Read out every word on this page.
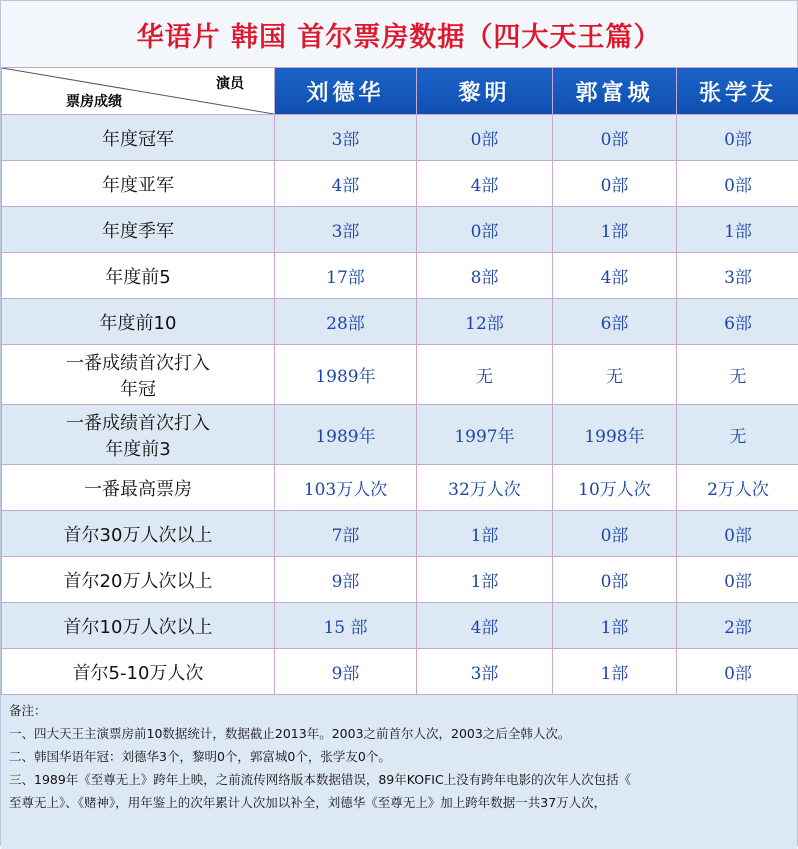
华语片 韩国 首尔票房数据（四大天王篇）
演员
票房成绩	刘德华	黎明	郭富城	张学友
年度冠军	3部	0部	0部	0部
年度亚军	4部	4部	0部	0部
年度季军	3部	0部	1部	1部
年度前5	17部	8部	4部	3部
年度前10	28部	12部	6部	6部

一番成绩首次打入
年冠	1989年	无	无	无

一番成绩首次打入
年度前3	1989年	1997年	1998年	无
一番最高票房	103万人次	32万人次	10万人次	2万人次
首尔30万人次以上	7部	1部	0部	0部
首尔20万人次以上	9部	1部	0部	0部
首尔10万人次以上	15 部	4部	1部	2部
首尔5-10万人次	9部	3部	1部	0部
备注：
一、四大天王主演票房前10数据统计，数据截止2013年。2003之前首尔人次，2003之后全韩人次。
二、韩国华语年冠：刘德华3个，黎明0个，郭富城0个，张学友0个。
三、1989年《至尊无上》跨年上映，之前流传网络版本数据错误，89年KOFIC上没有跨年电影的次年人次包括《
至尊无上》、《赌神》，用年鉴上的次年累计人次加以补全，刘德华《至尊无上》加上跨年数据一共37万人次，
